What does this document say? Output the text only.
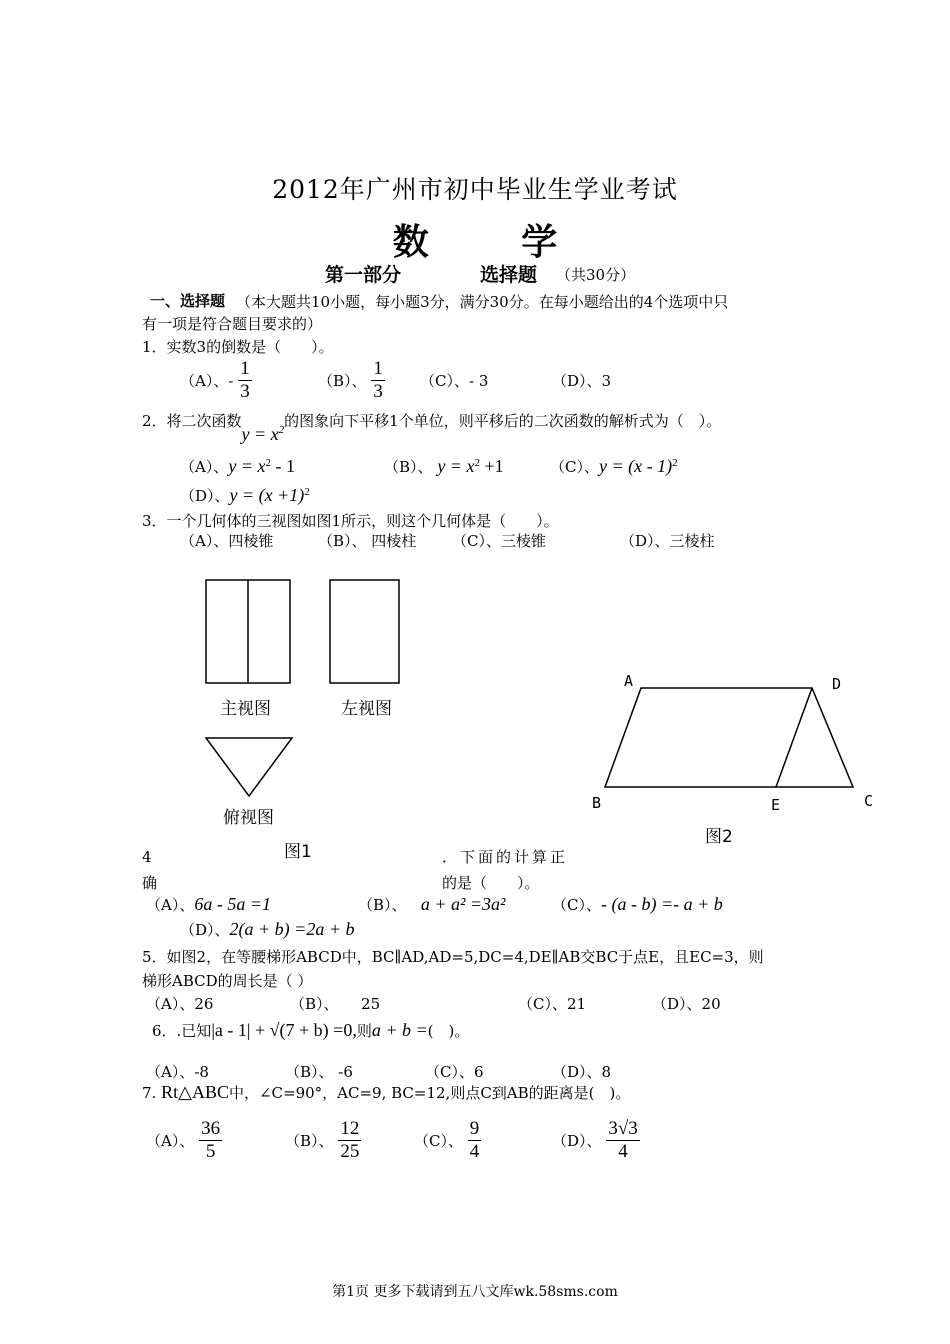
2012年广州市初中毕业生学业考试
数 学
第一部分	选择题 （共30分）
一、选择题 （本大题共10小题，每小题3分，满分30分。在每小题给出的4个选项中只
有一项是符合题目要求的）
1．实数3的倒数是（　　）。
（A）、- $\frac{1}{3}$	（B）、 $\frac{1}{3} (C)$、- 3	（D）、3
2．将二次函数$y = x^2$的图象向下平移1个单位，则平移后的二次函数的解析式为（　）。
（A）、$y = x^2 - 1$	（B）、 $y = x^2 +1$	（C）、y = (x - 1)$^2$
（D）、$y = (x +1)^2$
3．一个几何体的三视图如图1所示，则这个几何体是（　　）。
（A）、四棱锥	（B）、 四棱柱 （C）、三棱锥	（D）、三棱柱
主视图	左视图
俯视图
图1
A	D
B	E	C
图2
4	．下面的计算正
确	的是（　　）。
（A）、6a - 5a =1	（B）、 a + a² =3a²	（C）、- (a - b) =- a + b
（D）、2(a + b) =2a + b
5．如图2，在等腰梯形ABCD中，BC∥AD,AD=5,DC=4,DE∥AB交BC于点E，且EC=3，则
梯形ABCD的周长是（ ）
（A）、26	（B）、　　25	（C）、21	（D）、20
6．.已知|a - 1| + √(7 + b) =0,则a + b =(　)。
（A）、-8	（B）、 -6	（C）、6	（D）、8
7. Rt△ABC中，∠C=90°，AC=9, BC=12,则点C到AB的距离是(　)。
（A）、 $\frac{36}{5}$	（B）、 $\frac{12}{25}$	（C）、 $\frac{9}{4}$	（D）、 $\frac{3√3}{4}$
第1页 更多下载请到五八文库wk.58sms.com
